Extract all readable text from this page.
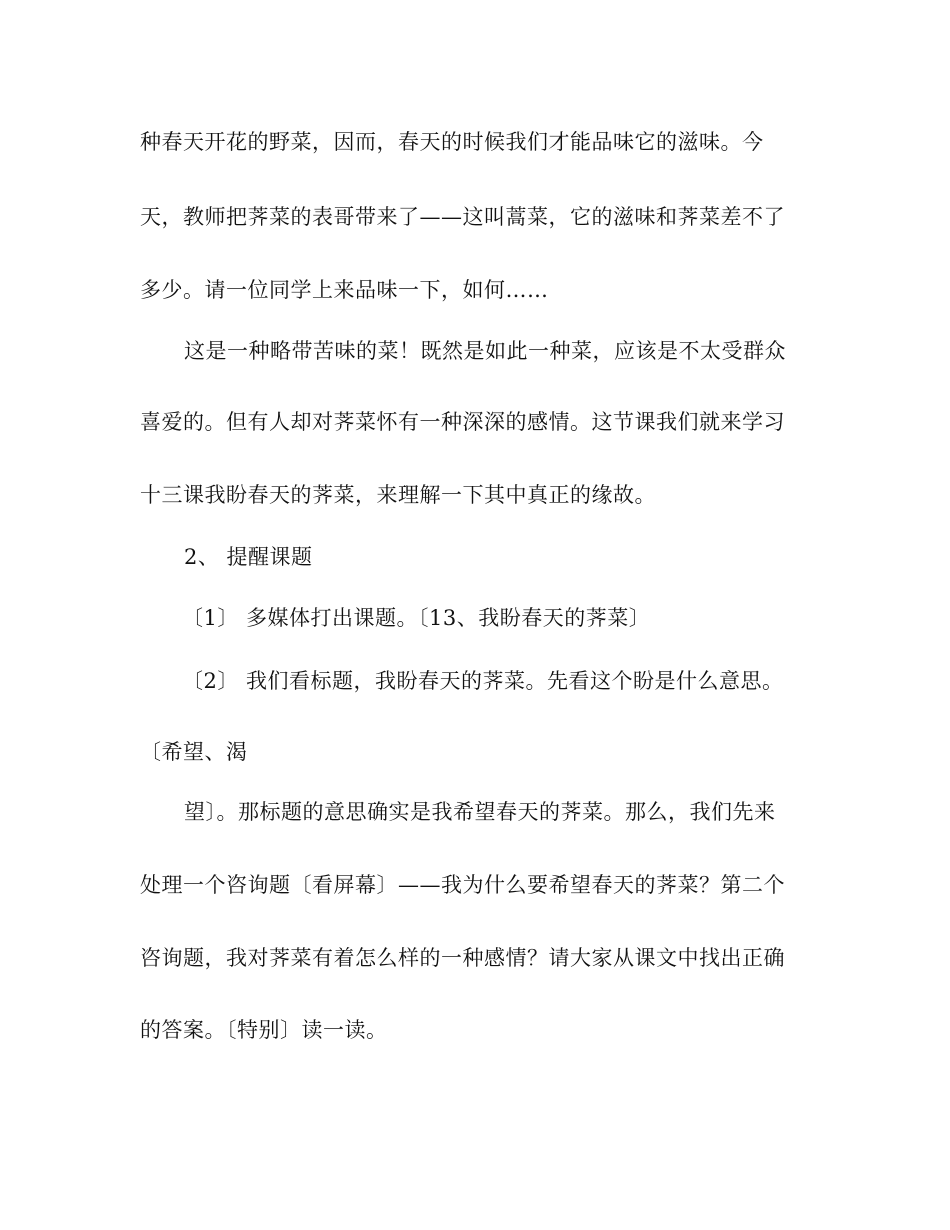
种春天开花的野菜，因而，春天的时候我们才能品味它的滋味。今
天，教师把荠菜的表哥带来了——这叫蒿菜，它的滋味和荠菜差不了
多少。请一位同学上来品味一下，如何……
这是一种略带苦味的菜！既然是如此一种菜，应该是不太受群众
喜爱的。但有人却对荠菜怀有一种深深的感情。这节课我们就来学习
十三课我盼春天的荠菜，来理解一下其中真正的缘故。
2、 提醒课题
〔1〕 多媒体打出课题。〔13、我盼春天的荠菜〕
〔2〕 我们看标题，我盼春天的荠菜。先看这个盼是什么意思。
〔希望、渴
望〕。那标题的意思确实是我希望春天的荠菜。那么，我们先来
处理一个咨询题〔看屏幕〕——我为什么要希望春天的荠菜？第二个
咨询题，我对荠菜有着怎么样的一种感情？请大家从课文中找出正确
的答案。〔特别〕读一读。
